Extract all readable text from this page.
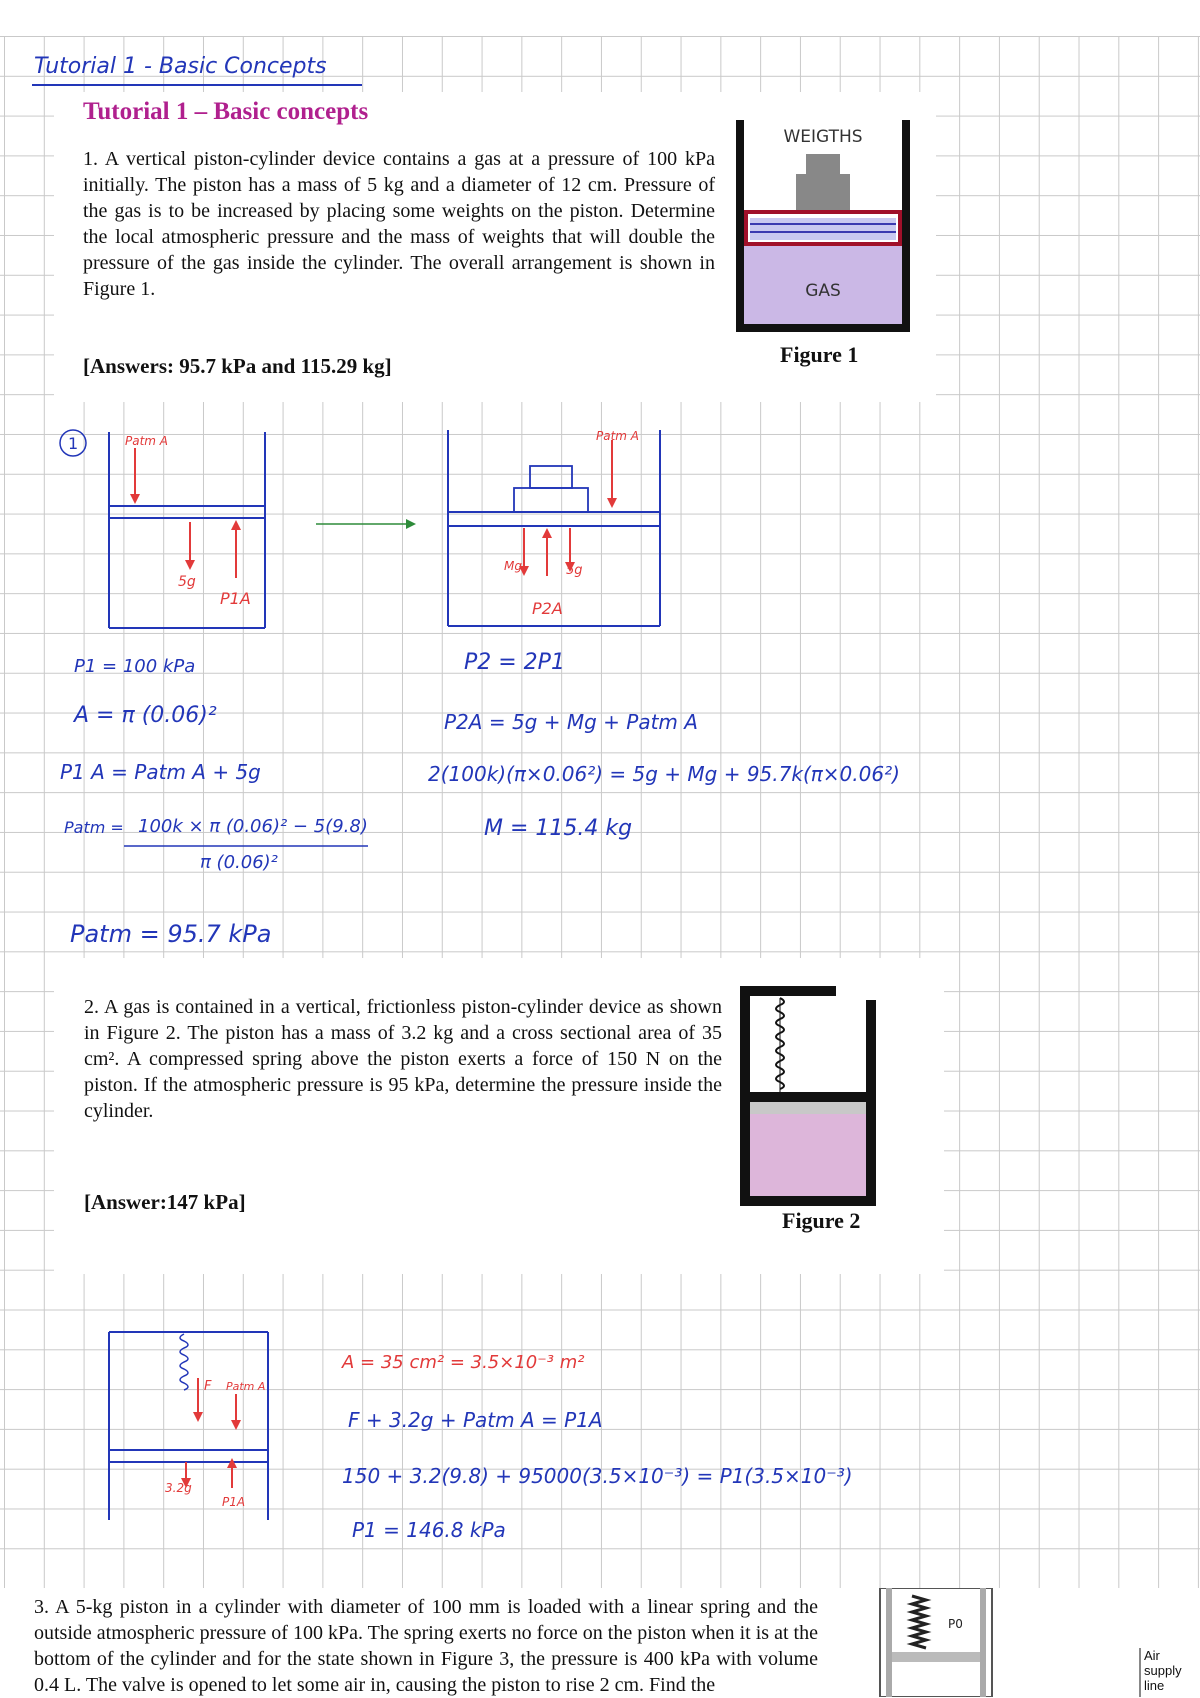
Tutorial 1 - Basic Concepts
Tutorial 1 – Basic concepts
1. A vertical piston-cylinder device contains a gas at a pressure of 100 kPa initially. The piston has a mass of 5 kg and a diameter of 12 cm. Pressure of the gas is to be increased by placing some weights on the piston. Determine the local atmospheric pressure and the mass of weights that will double the pressure of the gas inside the cylinder. The overall arrangement is shown in Figure 1.
[Answers: 95.7 kPa and 115.29 kg]
WEIGTHS
GAS
Figure 1
1	Patm A
5g
P1A
Patm A
Mg	5g
P2A
P1 = 100 kPa
A = π (0.06)²
P1 A = Patm A + 5g
Patm = 100k × π (0.06)² − 5(9.8)
π (0.06)²
Patm = 95.7 kPa
P2 = 2P1
P2A = 5g + Mg + Patm A
2(100k)(π×0.06²) = 5g + Mg + 95.7k(π×0.06²)
M = 115.4 kg
2. A gas is contained in a vertical, frictionless piston-cylinder device as shown in Figure 2. The piston has a mass of 3.2 kg and a cross sectional area of 35 cm². A compressed spring above the piston exerts a force of 150 N on the piston. If the atmospheric pressure is 95 kPa, determine the pressure inside the cylinder.
[Answer:147 kPa]
Figure 2
F Patm A
3.2g
P1A
A = 35 cm² = 3.5×10⁻³ m²
F + 3.2g + Patm A = P1A
150 + 3.2(9.8) + 95000(3.5×10⁻³) = P1(3.5×10⁻³)
P1 = 146.8 kPa
3. A 5-kg piston in a cylinder with diameter of 100 mm is loaded with a linear spring and the outside atmospheric pressure of 100 kPa. The spring exerts no force on the piston when it is at the bottom of the cylinder and for the state shown in Figure 3, the pressure is 400 kPa with volume 0.4 L. The valve is opened to let some air in, causing the piston to rise 2 cm. Find the
P0
Air supply line
